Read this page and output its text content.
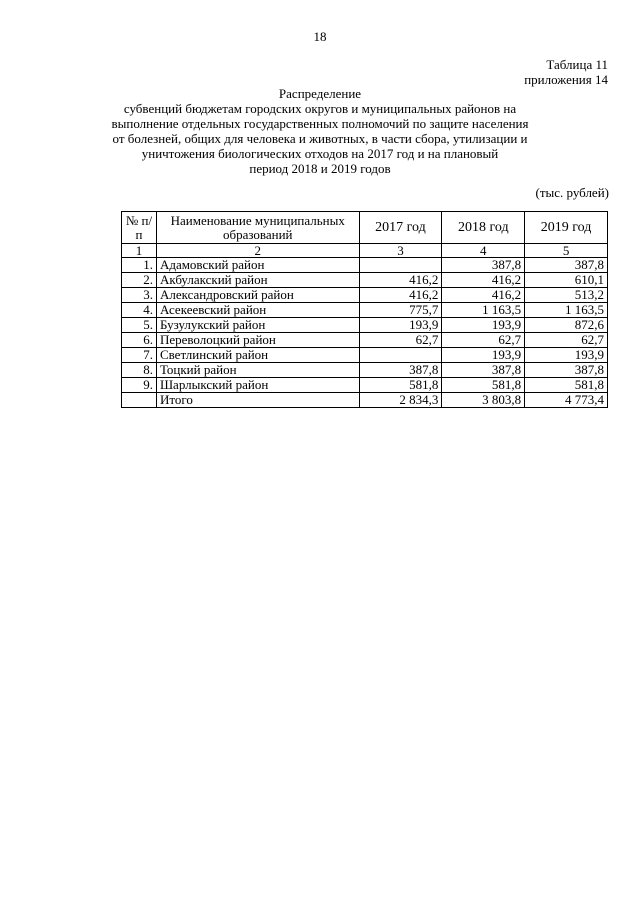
18
Таблица 11
приложения 14
Распределение
субвенций бюджетам городских округов и муниципальных районов на
выполнение отдельных государственных полномочий по защите населения
от болезней, общих для человека и животных, в части сбора, утилизации и
уничтожения биологических отходов на 2017 год и на плановый
период 2018 и 2019 годов
(тыс. рублей)
№ п/п	Наименование муниципальных образований	2017 год	2018 год	2019 год
1	2	3	4	5
1.	Адамовский район		387,8	387,8
2.	Акбулакский район	416,2	416,2	610,1
3.	Александровский район	416,2	416,2	513,2
4.	Асекеевский район	775,7	1 163,5	1 163,5
5.	Бузулукский район	193,9	193,9	872,6
6.	Переволоцкий район	62,7	62,7	62,7
7.	Светлинский район		193,9	193,9
8.	Тоцкий район	387,8	387,8	387,8
9.	Шарлыкский район	581,8	581,8	581,8
	Итого	2 834,3	3 803,8	4 773,4
